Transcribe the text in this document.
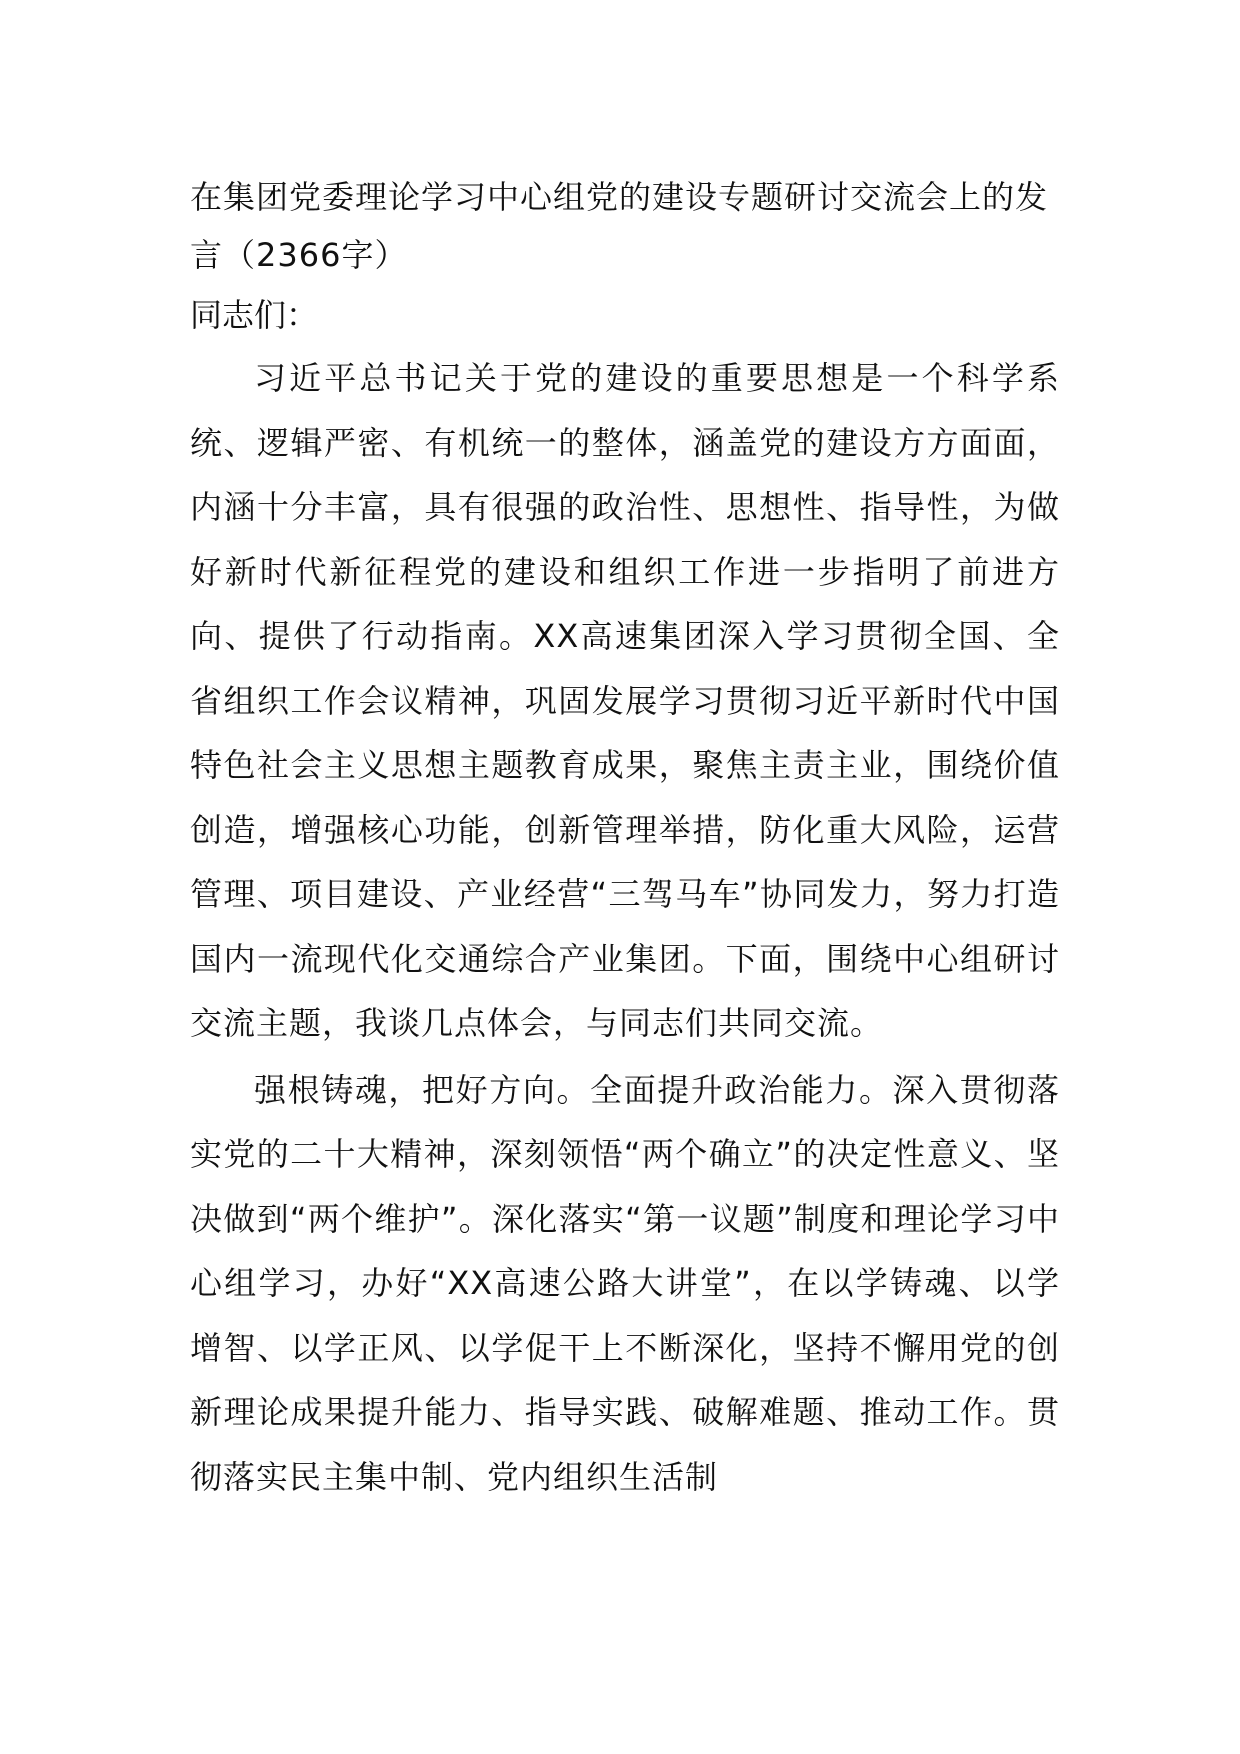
在集团党委理论学习中心组党的建设专题研讨交流会上的发言（2366字）

同志们：

习近平总书记关于党的建设的重要思想是一个科学系统、逻辑严密、有机统一的整体，涵盖党的建设方方面面，内涵十分丰富，具有很强的政治性、思想性、指导性，为做好新时代新征程党的建设和组织工作进一步指明了前进方向、提供了行动指南。XX高速集团深入学习贯彻全国、全省组织工作会议精神，巩固发展学习贯彻习近平新时代中国特色社会主义思想主题教育成果，聚焦主责主业，围绕价值创造，增强核心功能，创新管理举措，防化重大风险，运营管理、项目建设、产业经营“三驾马车”协同发力，努力打造国内一流现代化交通综合产业集团。下面，围绕中心组研讨交流主题，我谈几点体会，与同志们共同交流。

强根铸魂，把好方向。全面提升政治能力。深入贯彻落实党的二十大精神，深刻领悟“两个确立”的决定性意义、坚决做到“两个维护”。深化落实“第一议题”制度和理论学习中心组学习，办好“XX高速公路大讲堂”，在以学铸魂、以学增智、以学正风、以学促干上不断深化，坚持不懈用党的创新理论成果提升能力、指导实践、破解难题、推动工作。贯彻落实民主集中制、党内组织生活制
